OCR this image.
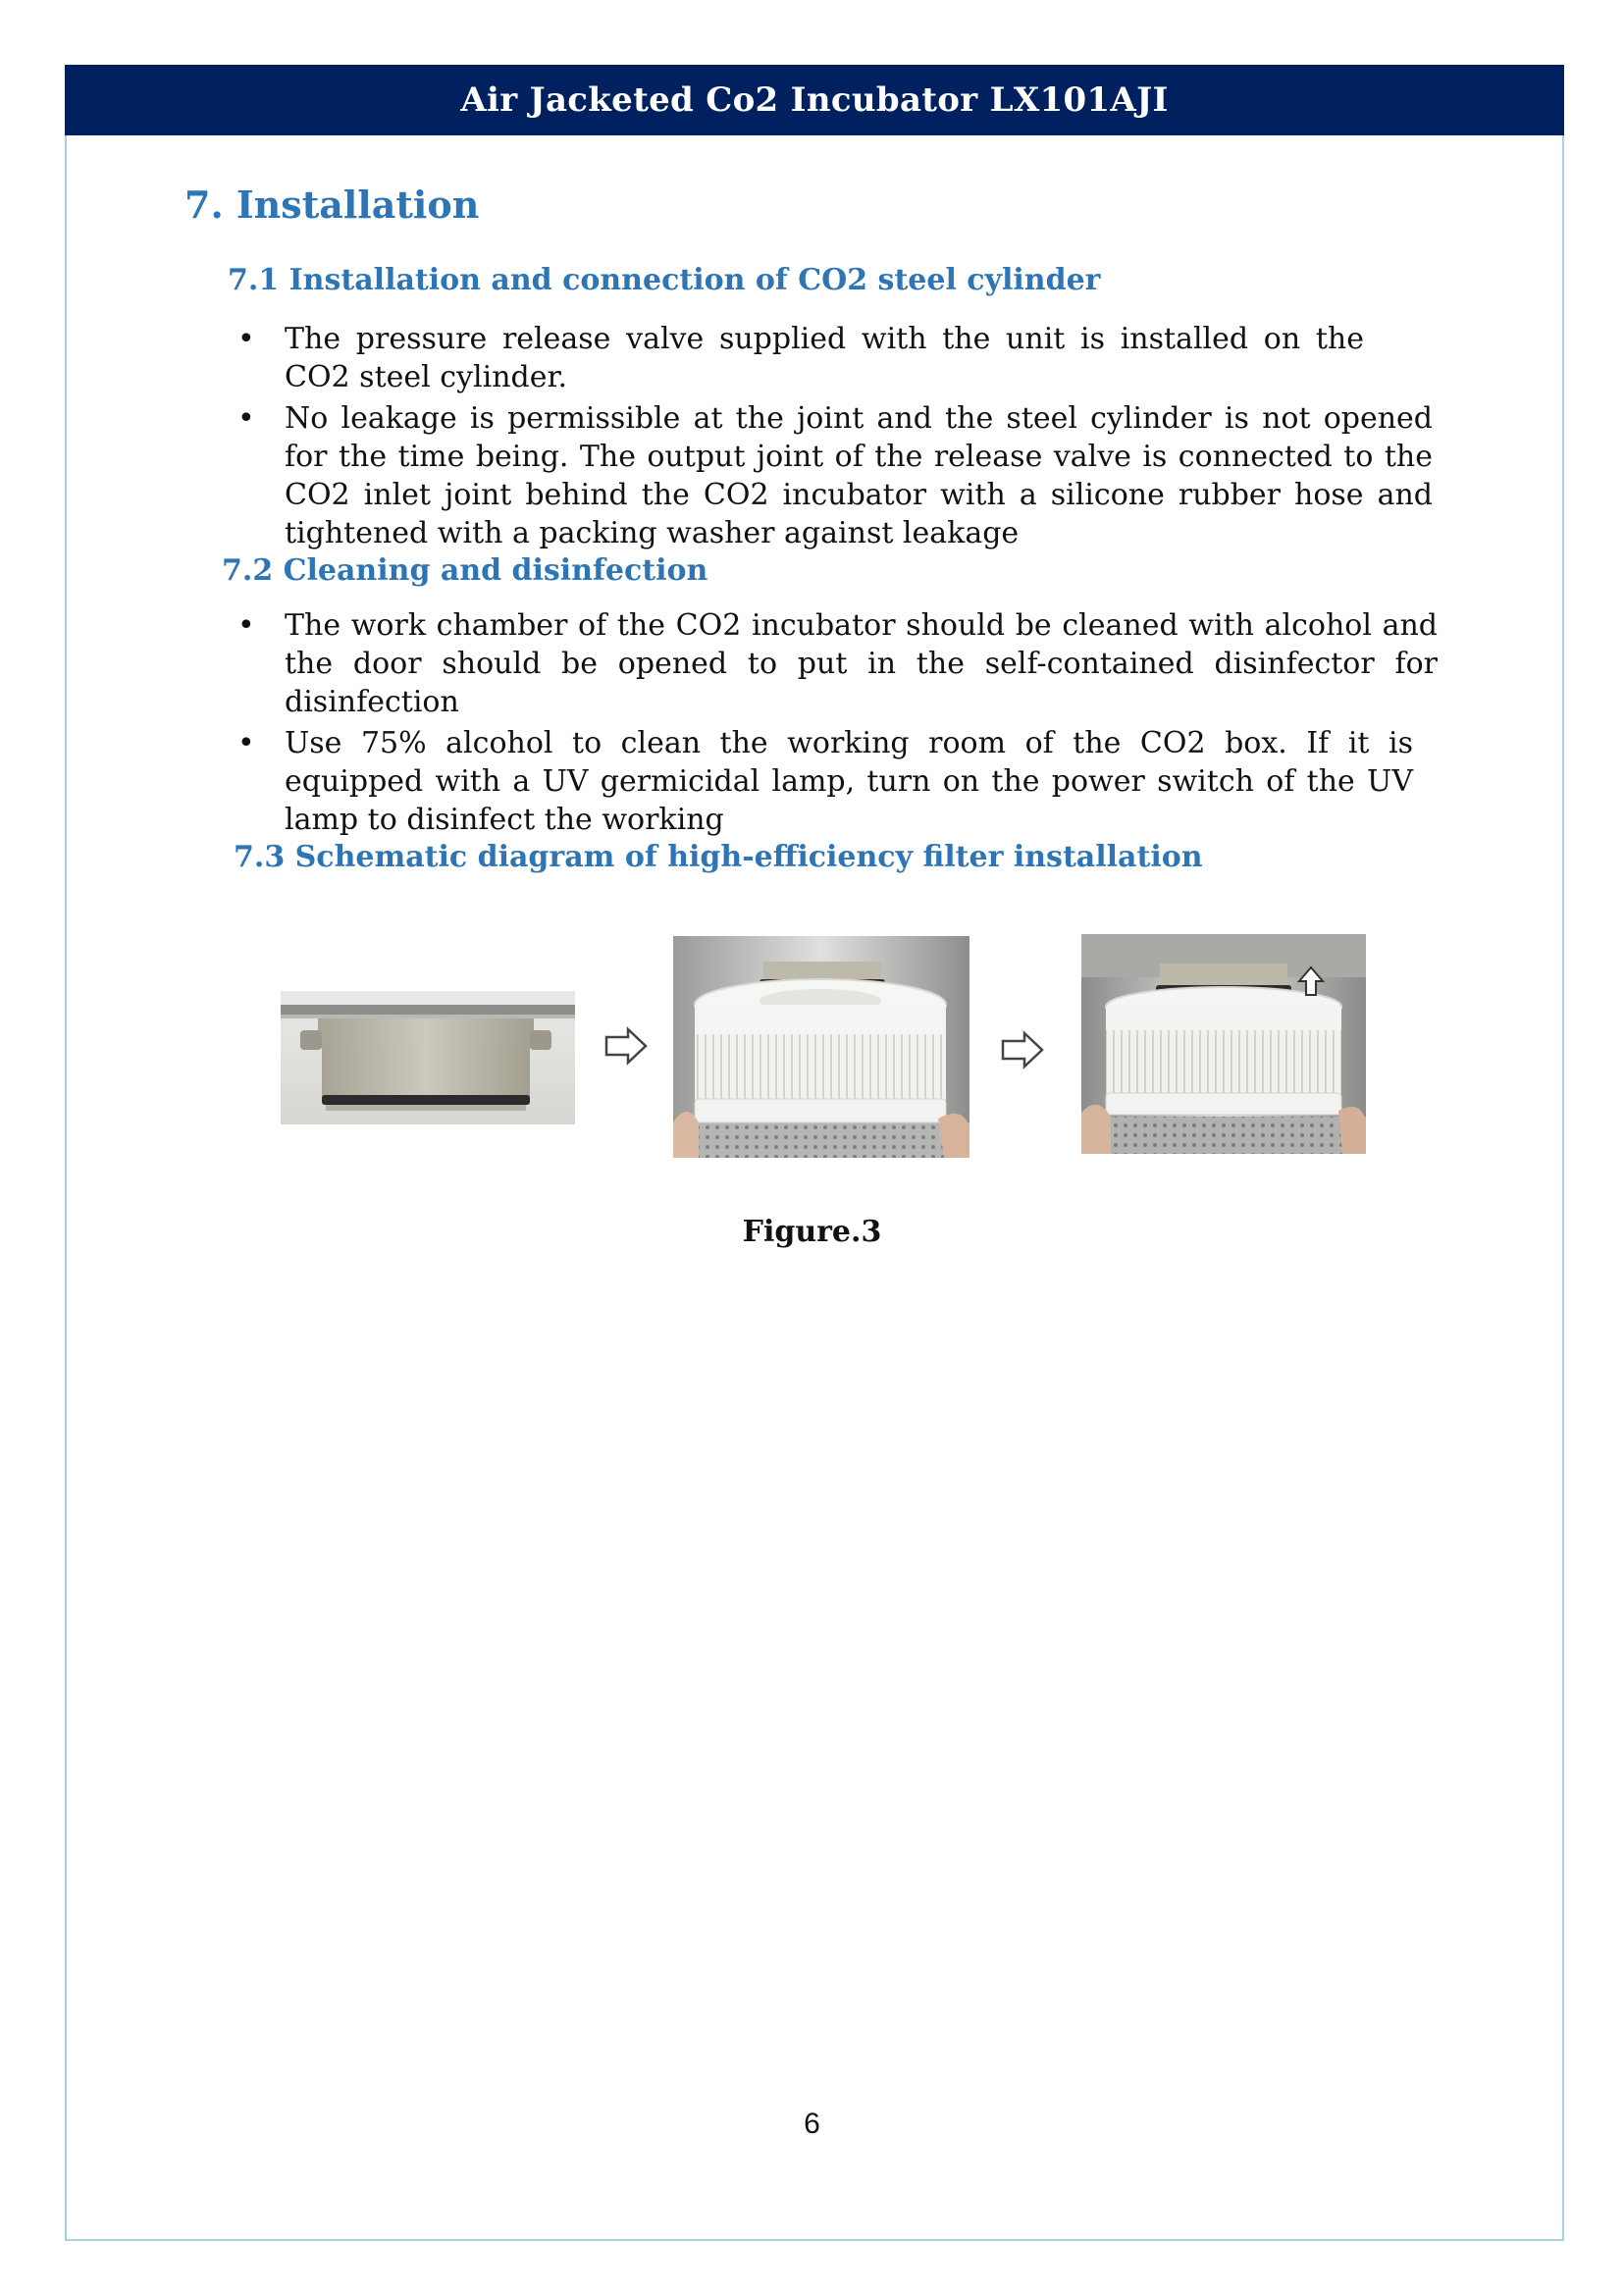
Air Jacketed Co2 Incubator LX101AJI
7. Installation
7.1 Installation and connection of CO2 steel cylinder
• The pressure release valve supplied with the unit is installed on the CO2 steel cylinder.
• No leakage is permissible at the joint and the steel cylinder is not opened for the time being. The output joint of the release valve is connected to the CO2 inlet joint behind the CO2 incubator with a silicone rubber hose and tightened with a packing washer against leakage
7.2 Cleaning and disinfection
• The work chamber of the CO2 incubator should be cleaned with alcohol and the door should be opened to put in the self-contained disinfector for disinfection
• Use 75% alcohol to clean the working room of the CO2 box. If it is equipped with a UV germicidal lamp, turn on the power switch of the UV lamp to disinfect the working
7.3 Schematic diagram of high-efficiency filter installation
Figure.3
6
